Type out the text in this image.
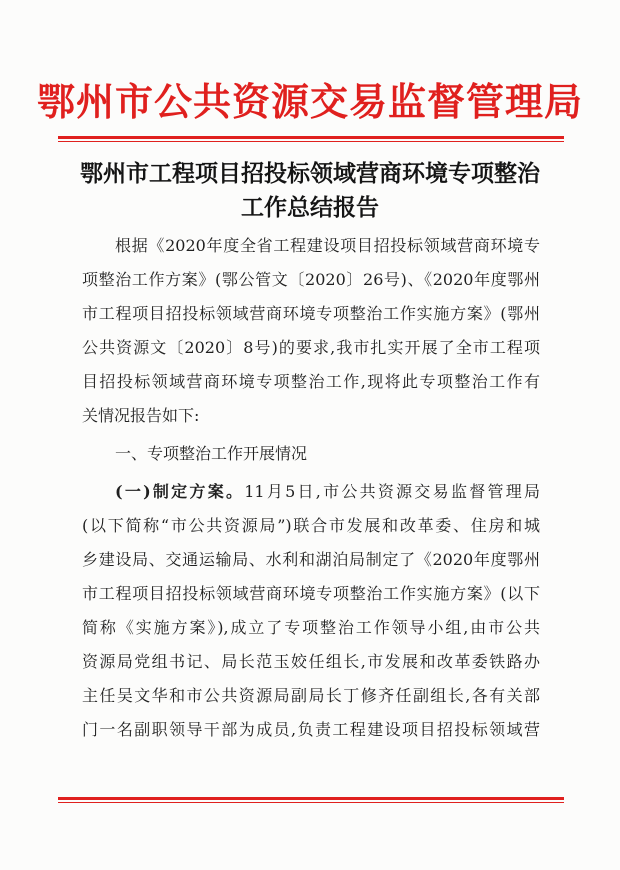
鄂州市公共资源交易监督管理局
鄂州市工程项目招投标领域营商环境专项整治
工作总结报告
根据《2020年度全省工程建设项目招投标领域营商环境专
项整治工作方案》(鄂公管文〔2020〕26号)、《2020年度鄂州
市工程项目招投标领域营商环境专项整治工作实施方案》(鄂州
公共资源文〔2020〕8号)的要求,我市扎实开展了全市工程项
目招投标领域营商环境专项整治工作,现将此专项整治工作有
关情况报告如下:
一、专项整治工作开展情况
(一)制定方案。11月5日,市公共资源交易监督管理局
(以下简称“市公共资源局”)联合市发展和改革委、住房和城
乡建设局、交通运输局、水利和湖泊局制定了《2020年度鄂州
市工程项目招投标领域营商环境专项整治工作实施方案》(以下
简称《实施方案》),成立了专项整治工作领导小组,由市公共
资源局党组书记、局长范玉姣任组长,市发展和改革委铁路办
主任吴文华和市公共资源局副局长丁修齐任副组长,各有关部
门一名副职领导干部为成员,负责工程建设项目招投标领域营
